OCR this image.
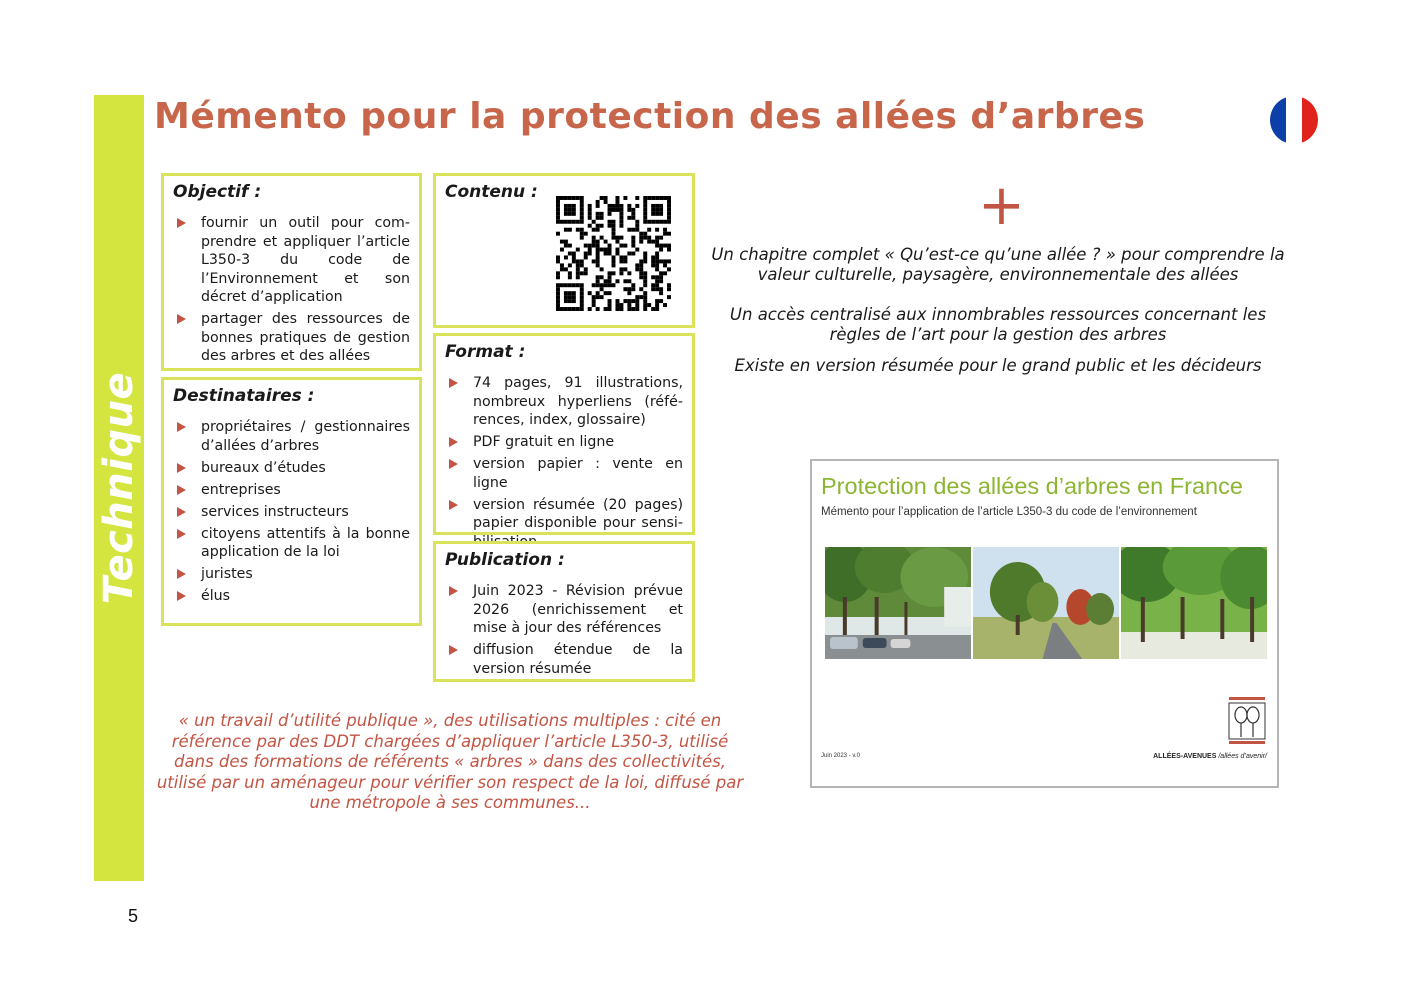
Technique
Mémento pour la protection des allées d’arbres
Objectif :
fournir un outil pour com-prendre et appliquer l’article L350-3 du code de l’Environnement et son décret d’application
partager des ressources de bonnes pratiques de gestion des arbres et des allées
Destinataires :
propriétaires / gestionnaires d’allées d’arbres
bureaux d’études
entreprises
services instructeurs
citoyens attentifs à la bonne application de la loi
juristes
élus
Contenu :
Format :
74 pages, 91 illustrations, nombreux hyperliens (réfé-rences, index, glossaire)
PDF gratuit en ligne
version papier : vente en ligne
version résumée (20 pages) papier disponible pour sensi-
Publication :
Juin 2023 - Révision prévue 2026 (enrichissement et mise à jour des références
diffusion étendue de la version résumée
+

Un chapitre complet « Qu’est-ce qu’une allée ? » pour comprendre la valeur culturelle, paysagère, environnementale des allées

Un accès centralisé aux innombrables ressources concernant les règles de l’art pour la gestion des arbres

Existe en version résumée pour le grand public et les décideurs

« un travail d’utilité publique », des utilisations multiples : cité en référence par des DDT chargées d’appliquer l’article L350-3, utilisé dans des formations de référents « arbres » dans des collectivités, utilisé par un aménageur pour vérifier son respect de la loi, diffusé par une métropole à ses communes...

Protection des allées d’arbres en France

Mémento pour l’application de l’article L350-3 du code de l’environnement

Juin 2023 - v.0	ALLÉES-AVENUES /allées d’avenir/
5
